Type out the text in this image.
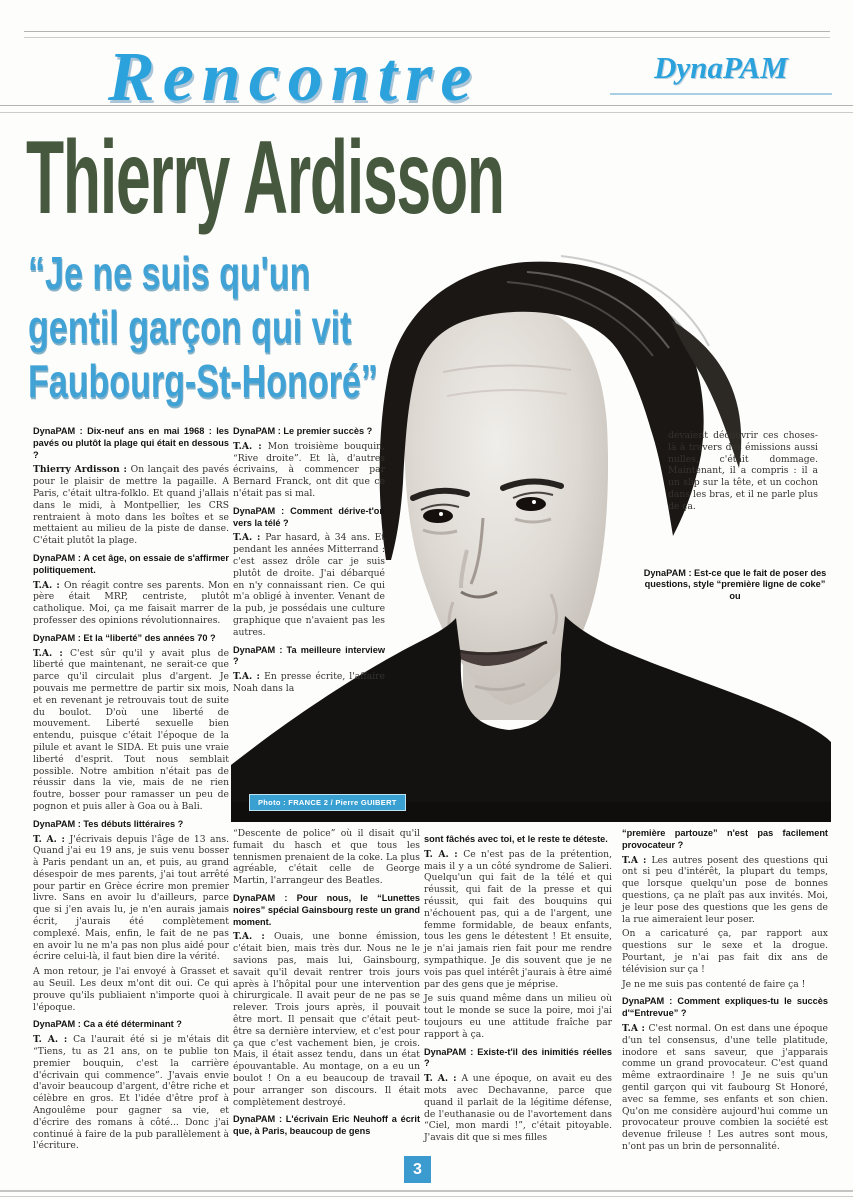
Rencontre	DynaPAM
Thierry Ardisson
“Je ne suis qu'un
gentil garçon qui vit
Faubourg-St-Honoré”
Photo : FRANCE 2 / Pierre GUIBERT

DynaPAM : Dix-neuf ans en mai 1968 : les pavés ou plutôt la plage qui était en dessous ?

Thierry Ardisson : On lançait des pavés pour le plaisir de mettre la pagaille. A Paris, c'était ultra-folklo. Et quand j'allais dans le midi, à Montpellier, les CRS rentraient à moto dans les boîtes et se mettaient au milieu de la piste de danse. C'était plutôt la plage.

DynaPAM : A cet âge, on essaie de s'affirmer politiquement.

T.A. : On réagit contre ses parents. Mon père était MRP, centriste, plutôt catholique. Moi, ça me faisait marrer de professer des opinions révolutionnaires.

DynaPAM : Et la “liberté” des années 70 ?

T.A. : C'est sûr qu'il y avait plus de liberté que maintenant, ne serait-ce que parce qu'il circulait plus d'argent. Je pouvais me permettre de partir six mois, et en revenant je retrouvais tout de suite du boulot. D'où une liberté de mouvement. Liberté sexuelle bien entendu, puisque c'était l'époque de la pilule et avant le SIDA. Et puis une vraie liberté d'esprit. Tout nous semblait possible. Notre ambition n'était pas de réussir dans la vie, mais de ne rien foutre, bosser pour ramasser un peu de pognon et puis aller à Goa ou à Bali.

DynaPAM : Tes débuts littéraires ?

T. A. : J'écrivais depuis l'âge de 13 ans. Quand j'ai eu 19 ans, je suis venu bosser à Paris pendant un an, et puis, au grand désespoir de mes parents, j'ai tout arrêté pour partir en Grèce écrire mon premier livre. Sans en avoir lu d'ailleurs, parce que si j'en avais lu, je n'en aurais jamais écrit, j'aurais été complètement complexé. Mais, enfin, le fait de ne pas en avoir lu ne m'a pas non plus aidé pour écrire celui-là, il faut bien dire la vérité.

A mon retour, je l'ai envoyé à Grasset et au Seuil. Les deux m'ont dit oui. Ce qui prouve qu'ils publiaient n'importe quoi à l'époque.

DynaPAM : Ca a été déterminant ?

T. A. : Ca l'aurait été si je m'étais dit “Tiens, tu as 21 ans, on te publie ton premier bouquin, c'est la carrière d'écrivain qui commence”. J'avais envie d'avoir beaucoup d'argent, d'être riche et célèbre en gros. Et l'idée d'être prof à Angoulême pour gagner sa vie, et d'écrire des romans à côté... Donc j'ai continué à faire de la pub parallèlement à l'écriture.

DynaPAM : Le premier succès ?

T.A. : Mon troisième bouquin, “Rive droite”. Et là, d'autres écrivains, à commencer par Bernard Franck, ont dit que ce n'était pas si mal.

DynaPAM : Comment dérive-t'on vers la télé ?

T.A. : Par hasard, à 34 ans. Et pendant les années Mitterrand : c'est assez drôle car je suis plutôt de droite. J'ai débarqué en n'y connaissant rien. Ce qui m'a obligé à inventer. Venant de la pub, je possédais une culture graphique que n'avaient pas les autres.

DynaPAM : Ta meilleure interview ?

T.A. : En presse écrite, l'affaire Noah dans la

“Descente de police” où il disait qu'il fumait du hasch et que tous les tennismen prenaient de la coke. La plus agréable, c'était celle de George Martin, l'arrangeur des Beatles.

DynaPAM : Pour nous, le “Lunettes noires” spécial Gainsbourg reste un grand moment.

T.A. : Ouais, une bonne émission, c'était bien, mais très dur. Nous ne le savions pas, mais lui, Gainsbourg, savait qu'il devait rentrer trois jours après à l'hôpital pour une intervention chirurgicale. Il avait peur de ne pas se relever. Trois jours après, il pouvait être mort. Il pensait que c'était peut-être sa dernière interview, et c'est pour ça que c'est vachement bien, je crois. Mais, il était assez tendu, dans un état épouvantable. Au montage, on a eu un boulot ! On a eu beaucoup de travail pour arranger son discours. Il était complètement destroyé.

DynaPAM : L'écrivain Eric Neuhoff a écrit que, à Paris, beaucoup de gens

sont fâchés avec toi, et le reste te déteste.

T. A. : Ce n'est pas de la prétention, mais il y a un côté syndrome de Salieri. Quelqu'un qui fait de la télé et qui réussit, qui fait de la presse et qui réussit, qui fait des bouquins qui n'échouent pas, qui a de l'argent, une femme formidable, de beaux enfants, tous les gens le détestent ! Et ensuite, je n'ai jamais rien fait pour me rendre sympathique. Je dis souvent que je ne vois pas quel intérêt j'aurais à être aimé par des gens que je méprise.

Je suis quand même dans un milieu où tout le monde se suce la poire, moi j'ai toujours eu une attitude fraîche par rapport à ça.

DynaPAM : Existe-t'il des inimitiés réelles ?

T. A. : A une époque, on avait eu des mots avec Dechavanne, parce que quand il parlait de la légitime défense, de l'euthanasie ou de l'avortement dans “Ciel, mon mardi !”, c'était pitoyable. J'avais dit que si mes filles

devaient découvrir ces choses-là à travers des émissions aussi nulles, c'était dommage. Maintenant, il a compris : il a un slip sur la tête, et un cochon dans les bras, et il ne parle plus de ça.

DynaPAM : Est-ce que le fait de poser des questions, style “première ligne de coke” ou

“première partouze” n'est pas facilement provocateur ?

T.A : Les autres posent des questions qui ont si peu d'intérêt, la plupart du temps, que lorsque quelqu'un pose de bonnes questions, ça ne plaît pas aux invités. Moi, je leur pose des questions que les gens de la rue aimeraient leur poser.

On a caricaturé ça, par rapport aux questions sur le sexe et la drogue. Pourtant, je n'ai pas fait dix ans de télévision sur ça !

Je ne me suis pas contenté de faire ça !

DynaPAM : Comment expliques-tu le succès d'“Entrevue” ?

T.A : C'est normal. On est dans une époque d'un tel consensus, d'une telle platitude, inodore et sans saveur, que j'apparais comme un grand provocateur. C'est quand même extraordinaire ! Je ne suis qu'un gentil garçon qui vit faubourg St Honoré, avec sa femme, ses enfants et son chien. Qu'on me considère aujourd'hui comme un provocateur prouve combien la société est devenue frileuse ! Les autres sont mous, n'ont pas un brin de personnalité.

3
